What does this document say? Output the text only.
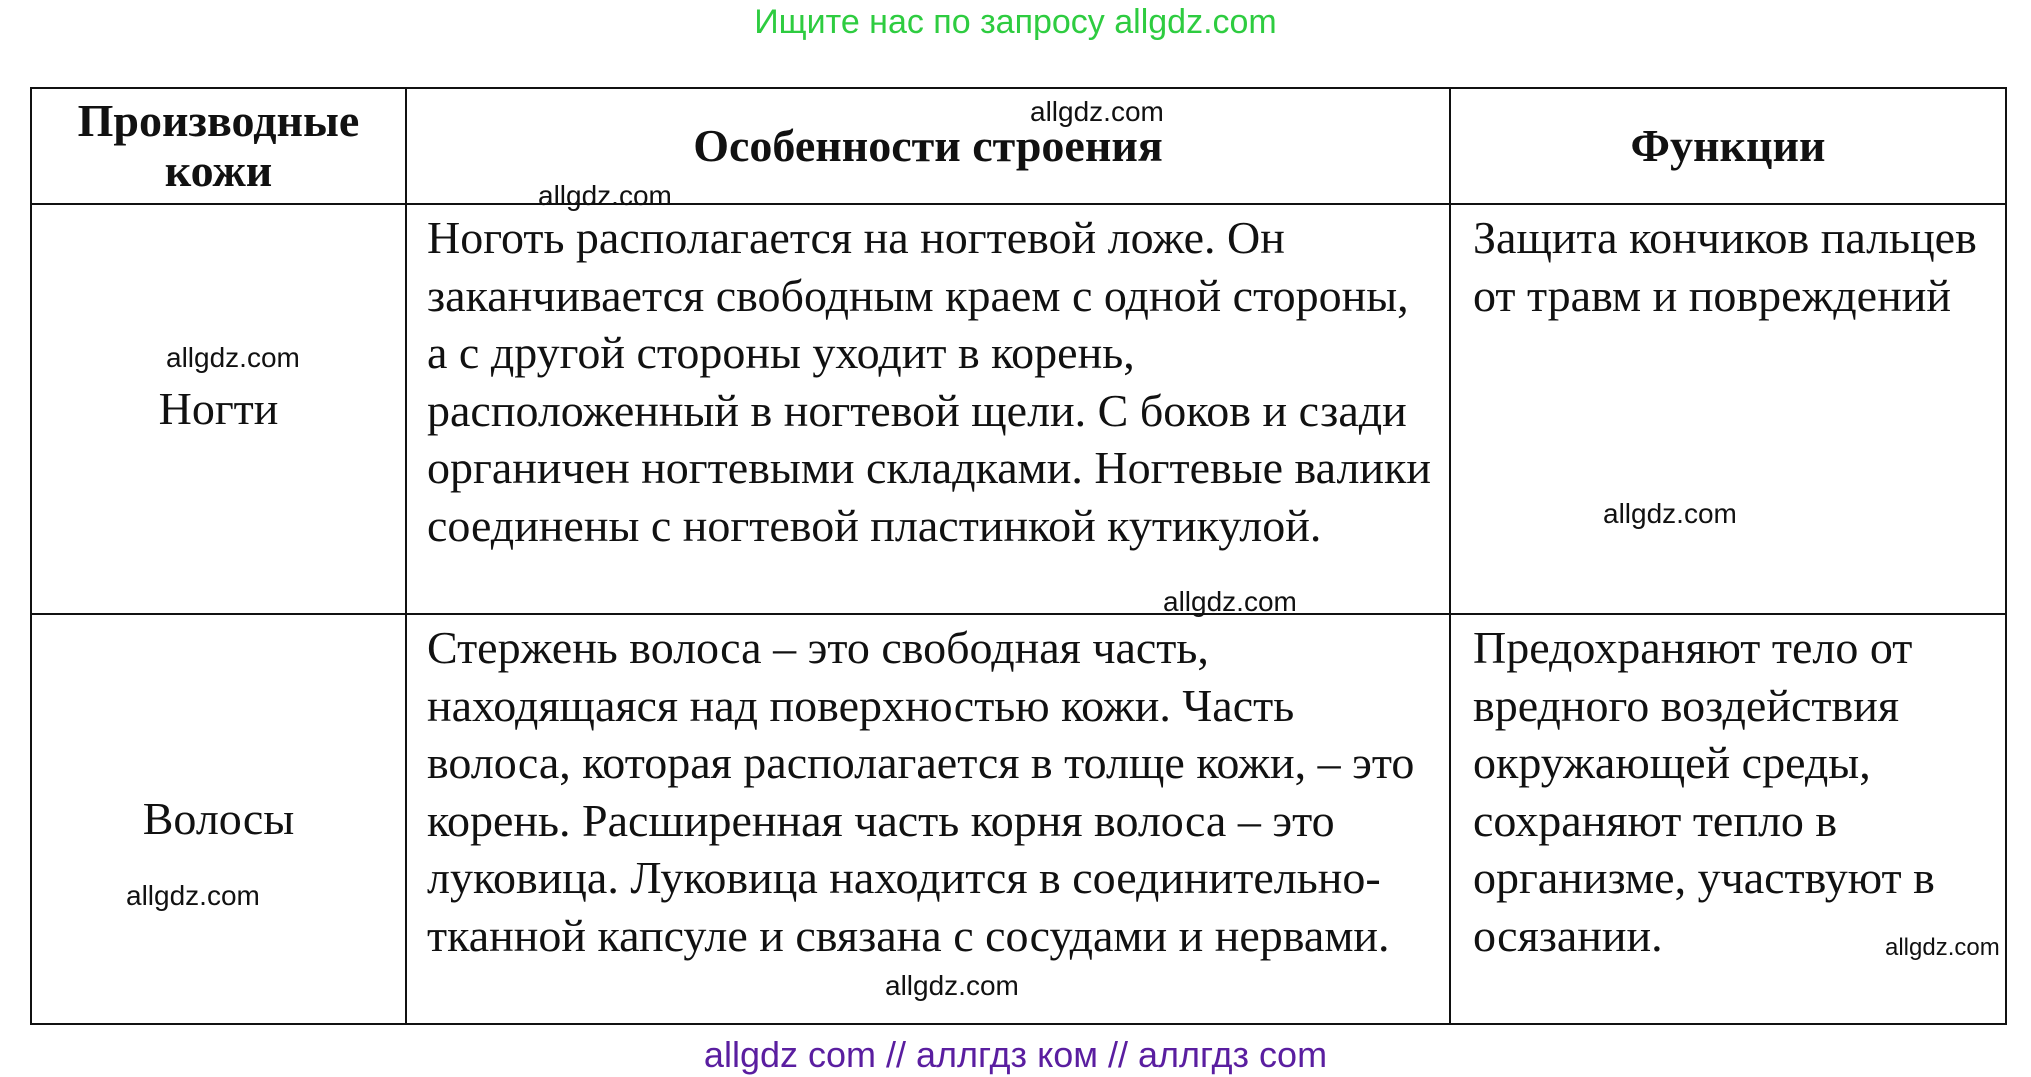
Ищите нас по запросу allgdz.com
Производные кожи	Особенности строения	Функции
Ногти	Ноготь располагается на ногтевой ложе. Он заканчивается свободным краем с одной стороны, а с другой стороны уходит в корень, расположенный в ногтевой щели. С боков и сзади органичен ногтевыми складками. Ногтевые валики соединены с ногтевой пластинкой кутикулой.	Защита кончиков пальцев от травм и повреждений
Волосы	Стержень волоса – это свободная часть, находящаяся над поверхностью кожи. Часть волоса, которая располагается в толще кожи, – это корень. Расширенная часть корня волоса – это луковица. Луковица находится в соединительно-тканной капсуле и связана с сосудами и нервами.	Предохраняют тело от вредного воздействия окружающей среды, сохраняют тепло в организме, участвуют в осязании.
allgdz.com
allgdz.com
allgdz.com
allgdz.com
allgdz.com
allgdz.com
allgdz.com
allgdz.com
allgdz com // аллгдз ком // аллгдз com
